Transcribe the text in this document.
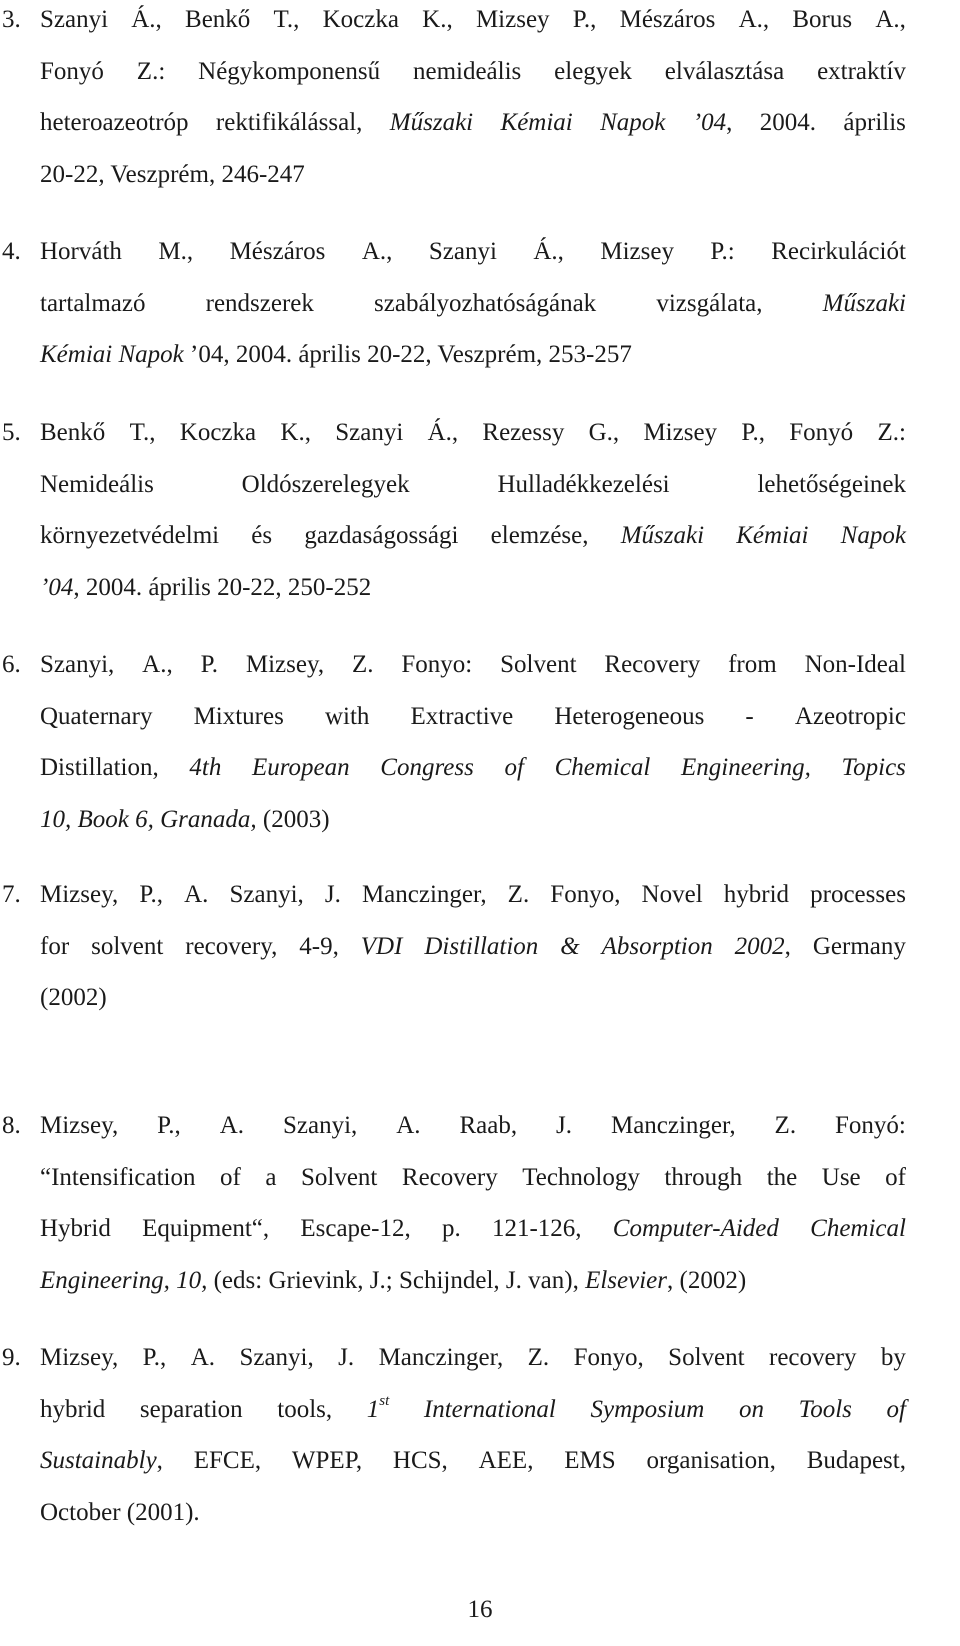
3. Szanyi Á., Benkő T., Koczka K., Mizsey P., Mészáros A., Borus A.,
Fonyó Z.: Négykomponensű nemideális elegyek elválasztása extraktív
heteroazeotróp rektifikálással, Műszaki Kémiai Napok ’04, 2004. április
20-22, Veszprém, 246-247
4. Horváth M., Mészáros A., Szanyi Á., Mizsey P.: Recirkulációt
tartalmazó rendszerek szabályozhatóságának vizsgálata, Műszaki
Kémiai Napok ’04, 2004. április 20-22, Veszprém, 253-257
5. Benkő T., Koczka K., Szanyi Á., Rezessy G., Mizsey P., Fonyó Z.:
Nemideális	Oldószerelegyek	Hulladékkezelési	lehetőségeinek
környezetvédelmi és gazdaságossági elemzése, Műszaki Kémiai Napok
’04, 2004. április 20-22, 250-252
6. Szanyi, A., P. Mizsey, Z. Fonyo: Solvent Recovery from Non-Ideal
Quaternary Mixtures with Extractive Heterogeneous - Azeotropic
Distillation, 4th European Congress of Chemical Engineering, Topics
10, Book 6, Granada, (2003)
7. Mizsey, P., A. Szanyi, J. Manczinger, Z. Fonyo, Novel hybrid processes
for solvent recovery, 4-9, VDI Distillation & Absorption 2002, Germany
(2002)
8. Mizsey, P., A. Szanyi, A. Raab, J. Manczinger, Z. Fonyó:
“Intensification of a Solvent Recovery Technology through the Use of
Hybrid Equipment“, Escape-12, p. 121-126, Computer-Aided Chemical
Engineering, 10, (eds: Grievink, J.; Schijndel, J. van), Elsevier, (2002)
9. Mizsey, P., A. Szanyi, J. Manczinger, Z. Fonyo, Solvent recovery by
hybrid separation tools, 1st International Symposium on Tools of
Sustainably, EFCE, WPEP, HCS, AEE, EMS organisation, Budapest,
October (2001).
16
